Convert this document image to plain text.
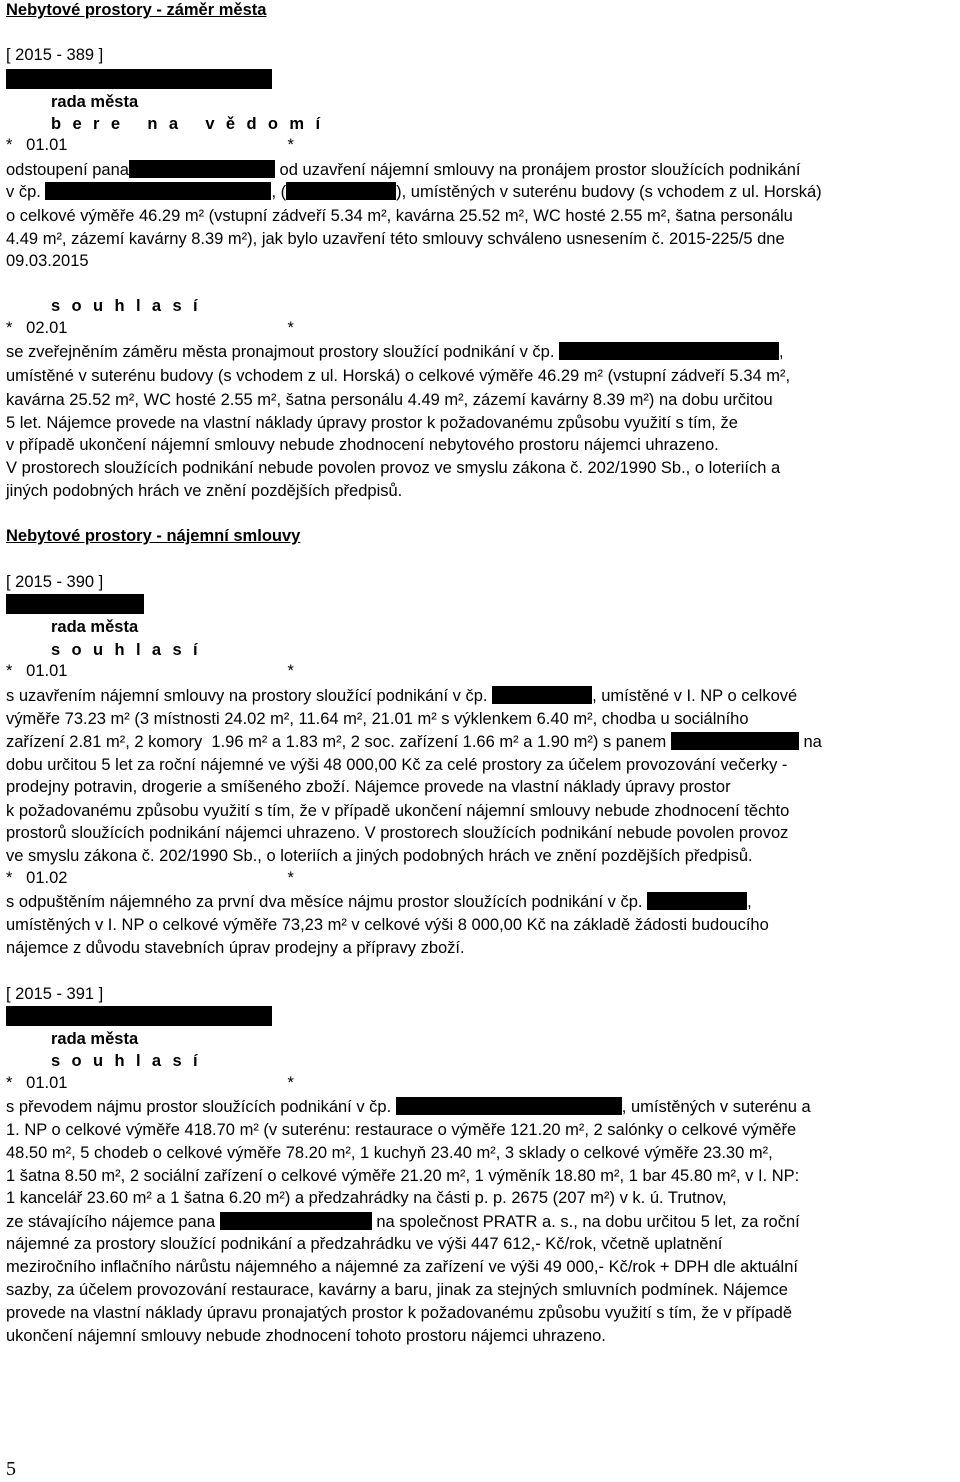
Nebytové prostory - záměr města
[ 2015 - 389 ]
rada města
b e r e   n a   v ě d o m í
*   01.01                                                *
odstoupení pana	od uzavření nájemní smlouvy na pronájem prostor sloužících podnikání
v čp.	, (	), umístěných v suterénu budovy (s vchodem z ul. Horská)
o celkové výměře 46.29 m² (vstupní zádveří 5.34 m², kavárna 25.52 m², WC hosté 2.55 m², šatna personálu
4.49 m², zázemí kavárny 8.39 m²), jak bylo uzavření této smlouvy schváleno usnesením č. 2015-225/5 dne
09.03.2015
s o u h l a s í
*   02.01                                                *
se zveřejněním záměru města pronajmout prostory sloužící podnikání v čp.	,
umístěné v suterénu budovy (s vchodem z ul. Horská) o celkové výměře 46.29 m² (vstupní zádveří 5.34 m²,
kavárna 25.52 m², WC hosté 2.55 m², šatna personálu 4.49 m², zázemí kavárny 8.39 m²) na dobu určitou
5 let. Nájemce provede na vlastní náklady úpravy prostor k požadovanému způsobu využití s tím, že
v případě ukončení nájemní smlouvy nebude zhodnocení nebytového prostoru nájemci uhrazeno.
V prostorech sloužících podnikání nebude povolen provoz ve smyslu zákona č. 202/1990 Sb., o loteriích a
jiných podobných hrách ve znění pozdějších předpisů.
Nebytové prostory - nájemní smlouvy
[ 2015 - 390 ]
rada města
s o u h l a s í
*   01.01                                                *
s uzavřením nájemní smlouvy na prostory sloužící podnikání v čp.	, umístěné v I. NP o celkové
výměře 73.23 m² (3 místnosti 24.02 m², 11.64 m², 21.01 m² s výklenkem 6.40 m², chodba u sociálního
zařízení 2.81 m², 2 komory  1.96 m² a 1.83 m², 2 soc. zařízení 1.66 m² a 1.90 m²) s panem	na
dobu určitou 5 let za roční nájemné ve výši 48 000,00 Kč za celé prostory za účelem provozování večerky -
prodejny potravin, drogerie a smíšeného zboží. Nájemce provede na vlastní náklady úpravy prostor
k požadovanému způsobu využití s tím, že v případě ukončení nájemní smlouvy nebude zhodnocení těchto
prostorů sloužících podnikání nájemci uhrazeno. V prostorech sloužících podnikání nebude povolen provoz
ve smyslu zákona č. 202/1990 Sb., o loteriích a jiných podobných hrách ve znění pozdějších předpisů.
*   01.02                                                *
s odpuštěním nájemného za první dva měsíce nájmu prostor sloužících podnikání v čp.	,
umístěných v I. NP o celkové výměře 73,23 m² v celkové výši 8 000,00 Kč na základě žádosti budoucího
nájemce z důvodu stavebních úprav prodejny a přípravy zboží.
[ 2015 - 391 ]
rada města
s o u h l a s í
*   01.01                                                *
s převodem nájmu prostor sloužících podnikání v čp.	, umístěných v suterénu a
1. NP o celkové výměře 418.70 m² (v suterénu: restaurace o výměře 121.20 m², 2 salónky o celkové výměře
48.50 m², 5 chodeb o celkové výměře 78.20 m², 1 kuchyň 23.40 m², 3 sklady o celkové výměře 23.30 m²,
1 šatna 8.50 m², 2 sociální zařízení o celkové výměře 21.20 m², 1 výměník 18.80 m², 1 bar 45.80 m², v I. NP:
1 kancelář 23.60 m² a 1 šatna 6.20 m²) a předzahrádky na části p. p. 2675 (207 m²) v k. ú. Trutnov,
ze stávajícího nájemce pana	na společnost PRATR a. s., na dobu určitou 5 let, za roční
nájemné za prostory sloužící podnikání a předzahrádku ve výši 447 612,- Kč/rok, včetně uplatnění
meziročního inflačního nárůstu nájemného a nájemné za zařízení ve výši 49 000,- Kč/rok + DPH dle aktuální
sazby, za účelem provozování restaurace, kavárny a baru, jinak za stejných smluvních podmínek. Nájemce
provede na vlastní náklady úpravu pronajatých prostor k požadovanému způsobu využití s tím, že v případě
ukončení nájemní smlouvy nebude zhodnocení tohoto prostoru nájemci uhrazeno.
5
